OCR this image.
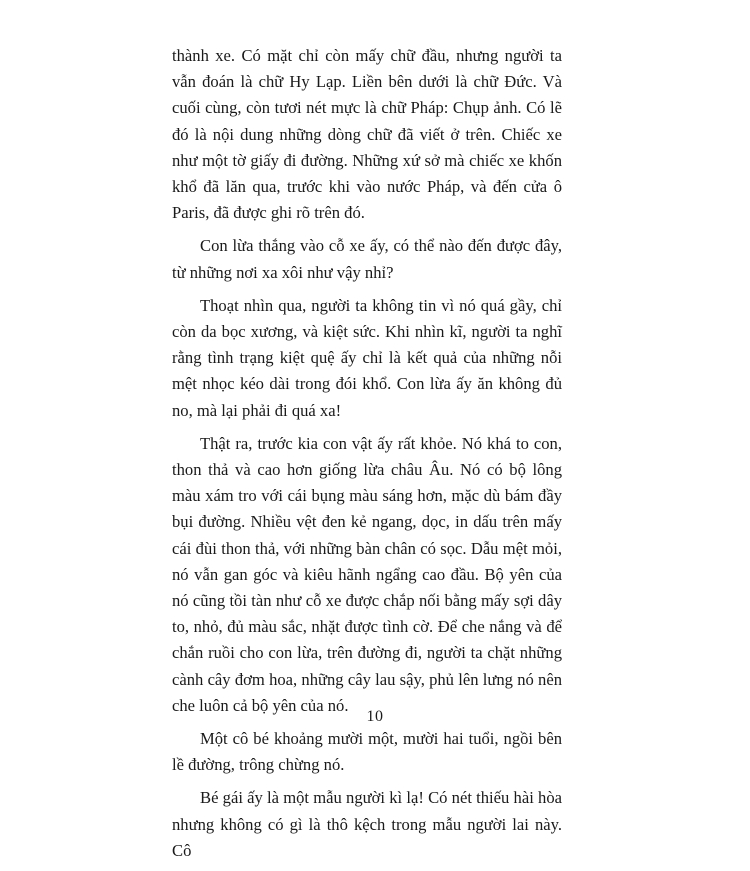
thành xe. Có mặt chỉ còn mấy chữ đầu, nhưng người ta vẫn đoán là chữ Hy Lạp. Liền bên dưới là chữ Đức. Và cuối cùng, còn tươi nét mực là chữ Pháp: Chụp ảnh. Có lẽ đó là nội dung những dòng chữ đã viết ở trên. Chiếc xe như một tờ giấy đi đường. Những xứ sở mà chiếc xe khốn khổ đã lăn qua, trước khi vào nước Pháp, và đến cửa ô Paris, đã được ghi rõ trên đó.

Con lừa thắng vào cỗ xe ấy, có thể nào đến được đây, từ những nơi xa xôi như vậy nhỉ?

Thoạt nhìn qua, người ta không tin vì nó quá gầy, chỉ còn da bọc xương, và kiệt sức. Khi nhìn kĩ, người ta nghĩ rằng tình trạng kiệt quệ ấy chỉ là kết quả của những nỗi mệt nhọc kéo dài trong đói khổ. Con lừa ấy ăn không đủ no, mà lại phải đi quá xa!

Thật ra, trước kia con vật ấy rất khỏe. Nó khá to con, thon thả và cao hơn giống lừa châu Âu. Nó có bộ lông màu xám tro với cái bụng màu sáng hơn, mặc dù bám đầy bụi đường. Nhiều vệt đen kẻ ngang, dọc, in dấu trên mấy cái đùi thon thả, với những bàn chân có sọc. Dẫu mệt mỏi, nó vẫn gan góc và kiêu hãnh ngẩng cao đầu. Bộ yên của nó cũng tồi tàn như cỗ xe được chắp nối bằng mấy sợi dây to, nhỏ, đủ màu sắc, nhặt được tình cờ. Để che nắng và để chắn ruồi cho con lừa, trên đường đi, người ta chặt những cành cây đơm hoa, những cây lau sậy, phủ lên lưng nó nên che luôn cả bộ yên của nó.

Một cô bé khoảng mười một, mười hai tuổi, ngồi bên lề đường, trông chừng nó.

Bé gái ấy là một mẫu người kì lạ! Có nét thiếu hài hòa nhưng không có gì là thô kệch trong mẫu người lai này. Cô

10
